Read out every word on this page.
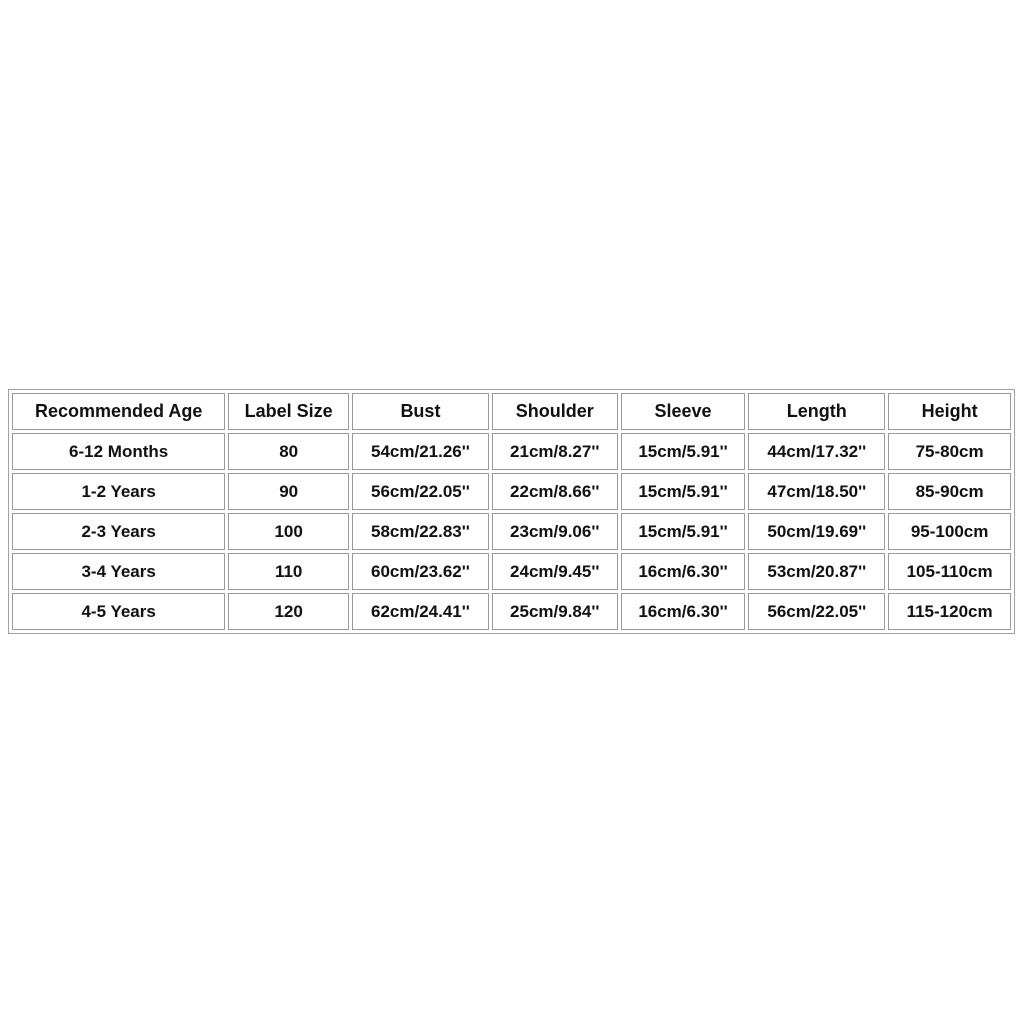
Recommended Age	Label Size	Bust	Shoulder	Sleeve	Length	Height
6-12 Months	80	54cm/21.26''	21cm/8.27''	15cm/5.91''	44cm/17.32''	75-80cm
1-2 Years	90	56cm/22.05''	22cm/8.66''	15cm/5.91''	47cm/18.50''	85-90cm
2-3 Years	100	58cm/22.83''	23cm/9.06''	15cm/5.91''	50cm/19.69''	95-100cm
3-4 Years	110	60cm/23.62''	24cm/9.45''	16cm/6.30''	53cm/20.87''	105-110cm
4-5 Years	120	62cm/24.41''	25cm/9.84''	16cm/6.30''	56cm/22.05''	115-120cm
